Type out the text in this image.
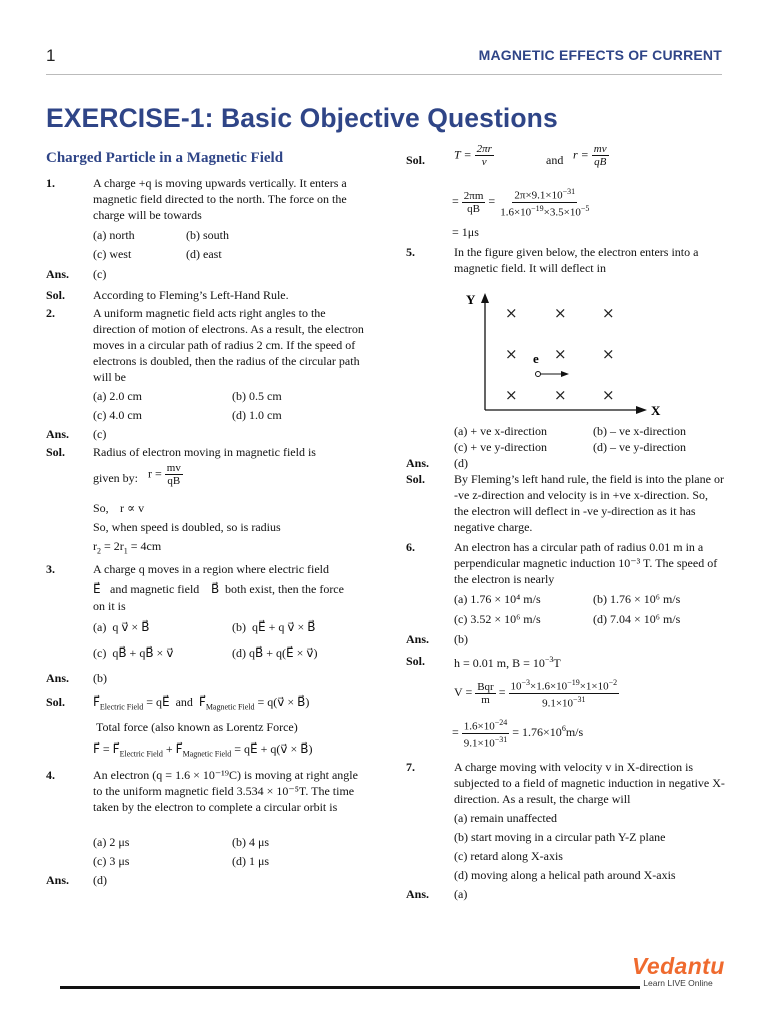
1	MAGNETIC EFFECTS OF CURRENT
EXERCISE-1: Basic Objective Questions
Charged Particle in a Magnetic Field
1.	A charge +q is moving upwards vertically. It enters a magnetic field directed to the north. The force on the charge will be towards
(a) north	(b) south
(c) west	(d) east
Ans. (c)
Sol. According to Fleming’s Left-Hand Rule.
2.	A uniform magnetic field acts right angles to the direction of motion of electrons. As a result, the electron moves in a circular path of radius 2 cm. If the speed of electrons is doubled, then the radius of the circular path will be
(a) 2.0 cm	(b) 0.5 cm
(c) 4.0 cm	(d) 1.0 cm
Ans. (c)
Sol. Radius of electron moving in magnetic field is
given by: $r = \frac{mv}{qB}$
So, r ∝ v
So, when speed is doubled, so is radius
$r_2 = 2r_1 = 4cm$
3.	A charge q moves in a region where electric field
E⃗ and magnetic field B⃗ both exist, then the force
on it is
(a)  q v⃗ × B⃗	(b)  qE⃗ + q v⃗ × B⃗
(c)  qB⃗ + qB⃗ × v⃗	(d) qB⃗ + q(E⃗ × v⃗)
Ans. (b)
Sol. $F⃗_{Electric Field}$ = qE⃗  and  $F⃗_{Magnetic Field}$ = q(v⃗ × B⃗)
Total force (also known as Lorentz Force)
F⃗ = $F⃗_{Electric Field}$ + $F⃗_{Magnetic Field}$ = qE⃗ + q(v⃗ × B⃗)
4.	An electron (q = 1.6 × 10⁻¹⁹C) is moving at right angle to the uniform magnetic field 3.534 × 10⁻⁵T. The time taken by the electron to complete a circular orbit is
(a) 2 μs	(b) 4 μs
(c) 3 μs	(d) 1 μs
Ans. (d)
Sol. $T = \frac{2\pi r}{v}$	and $r = \frac{mv}{qB}$
= $\frac{2\pi m}{qB} = \frac{2\pi\times 9.1\times 10^{-31}}{1.6\times 10^{-19}\times 3.5\times 10^{-5}}$
= 1μs
5.	In the figure given below, the electron enters into a magnetic field. It will deflect in
Y
X
× × ×
× × ×
× × ×
e
(a) + ve x-direction	(b) – ve x-direction
(c) + ve y-direction	(d) – ve y-direction
Ans. (d)
Sol. By Fleming’s left hand rule, the field is into the plane or -ve z-direction and velocity is in +ve x-direction. So, the electron will deflect in -ve y-direction as it has negative charge.
6.	An electron has a circular path of radius 0.01 m in a perpendicular magnetic induction 10⁻³ T. The speed of the electron is nearly
(a) 1.76 × 10⁴ m/s	(b) 1.76 × 10⁶ m/s
(c) 3.52 × 10⁶ m/s	(d) 7.04 × 10⁶ m/s
Ans. (b)
Sol. h = 0.01 m, $B = 10^{-3}T$
$V = \frac{\text{Bqr}}{m} = \frac{10^{-3}\times 1.6\times 10^{-19}\times 1\times 10^{-2}}{9.1\times 10^{-31}}$
= $\frac{1.6\times 10^{-24}}{9.1\times 10^{-31}} = 1.76\times 10^6m/s$
7.	A charge moving with velocity v in X-direction is subjected to a field of magnetic induction in negative X-direction. As a result, the charge will
(a) remain unaffected
(b) start moving in a circular path Y-Z plane
(c) retard along X-axis
(d) moving along a helical path around X-axis
Ans. (a)
Vedantu
Learn LIVE Online
